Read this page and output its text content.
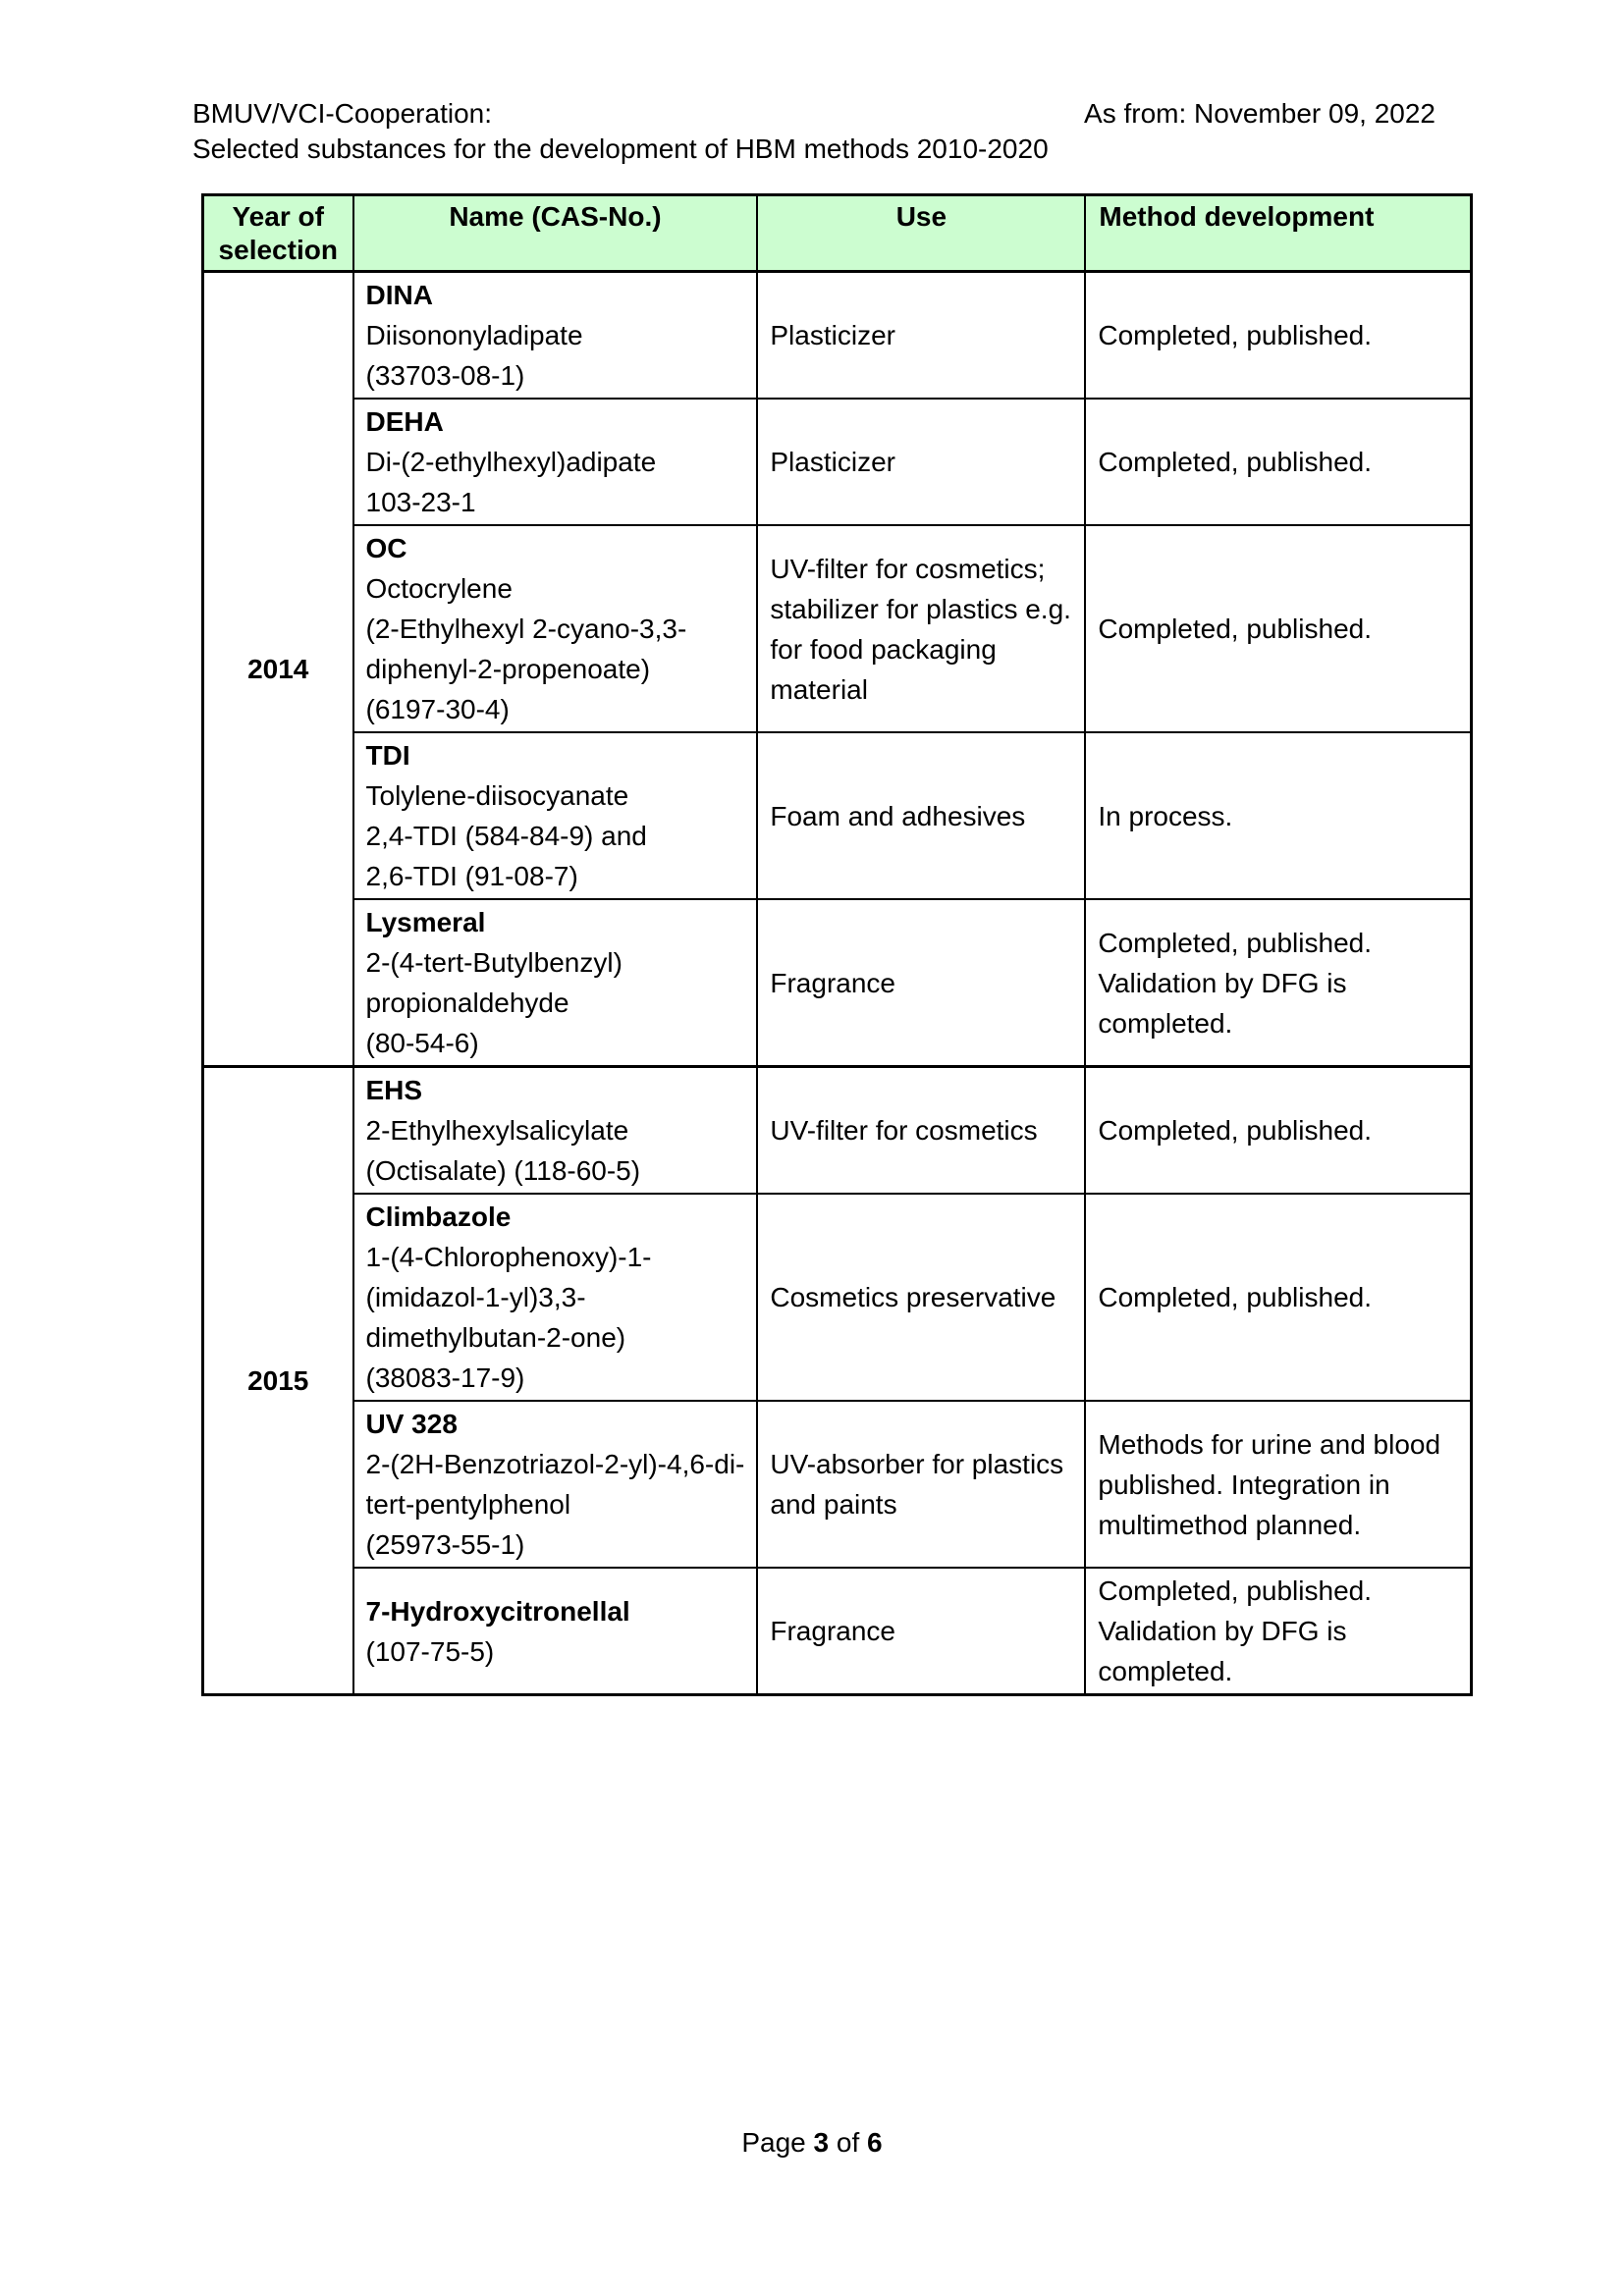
BMUV/VCI-Cooperation:	As from: November 09, 2022
Selected substances for the development of HBM methods 2010-2020
Year of selection	Name (CAS-No.)	Use	Method development
2014	DINA
Diisononyladipate
(33703-08-1)	Plasticizer	Completed, published.

	DEHA
Di-(2-ethylhexyl)adipate
103-23-1	Plasticizer	Completed, published.

	OC
Octocrylene
(2-Ethylhexyl 2-cyano-3,3-
diphenyl-2-propenoate)
(6197-30-4)	UV-filter for cosmetics; stabilizer for plastics e.g. for food packaging material	Completed, published.

	TDI
Tolylene-diisocyanate
2,4-TDI (584-84-9) and
2,6-TDI (91-08-7)	Foam and adhesives	In process.

	Lysmeral
2-(4-tert-Butylbenzyl)
propionaldehyde
(80-54-6)	Fragrance	Completed, published. Validation by DFG is completed.
2015	EHS
2-Ethylhexylsalicylate
(Octisalate) (118-60-5)	UV-filter for cosmetics	Completed, published.

	Climbazole
1-(4-Chlorophenoxy)-1-
(imidazol-1-yl)3,3-
dimethylbutan-2-one)
(38083-17-9)	Cosmetics preservative	Completed, published.

	UV 328
2-(2H-Benzotriazol-2-yl)-4,6-di-
tert-pentylphenol
(25973-55-1)	UV-absorber for plastics and paints	Methods for urine and blood published. Integration in multimethod planned.

	7-Hydroxycitronellal
(107-75-5)	Fragrance	Completed, published. Validation by DFG is completed.
Page 3 of 6
